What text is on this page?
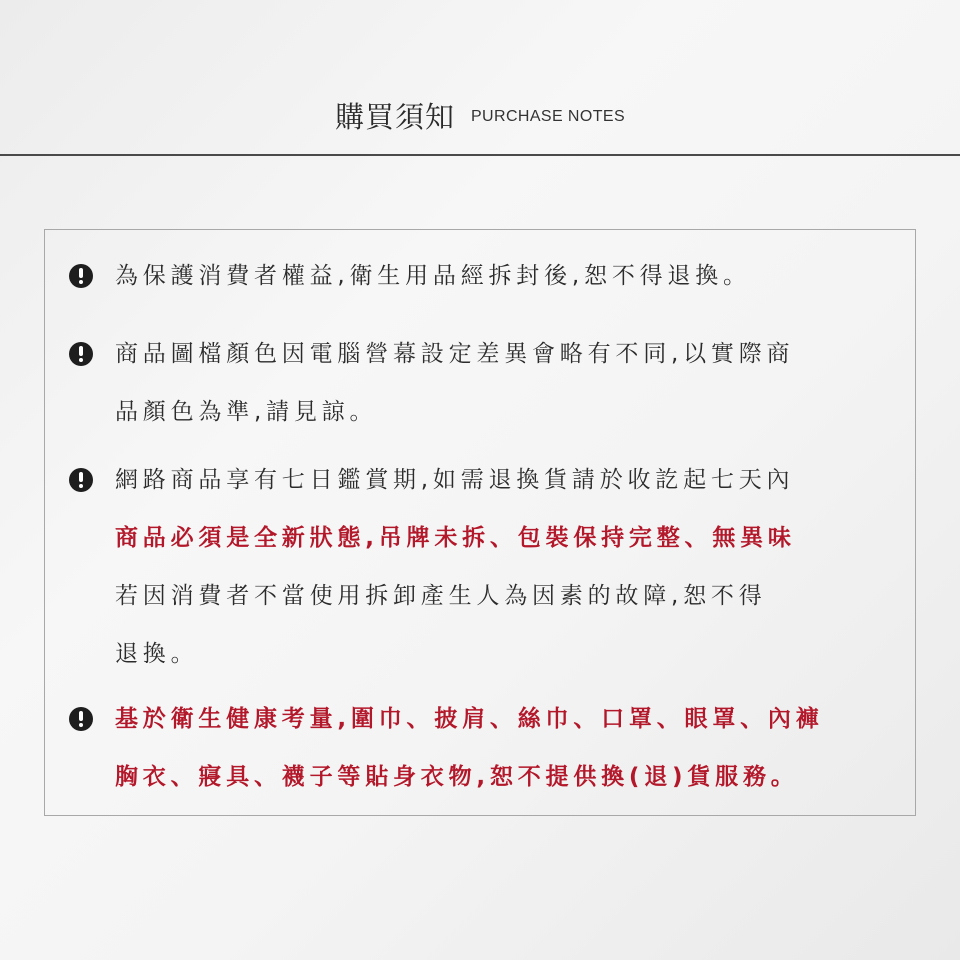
購買須知 PURCHASE NOTES
為保護消費者權益,衛生用品經拆封後,恕不得退換。
商品圖檔顏色因電腦營幕設定差異會略有不同,以實際商
品顏色為準,請見諒。
網路商品享有七日鑑賞期,如需退換貨請於收訖起七天內
商品必須是全新狀態,吊牌未拆、包裝保持完整、無異味
若因消費者不當使用拆卸產生人為因素的故障,恕不得
退換。
基於衛生健康考量,圍巾、披肩、絲巾、口罩、眼罩、內褲
胸衣、寢具、襪子等貼身衣物,恕不提供換(退)貨服務。
